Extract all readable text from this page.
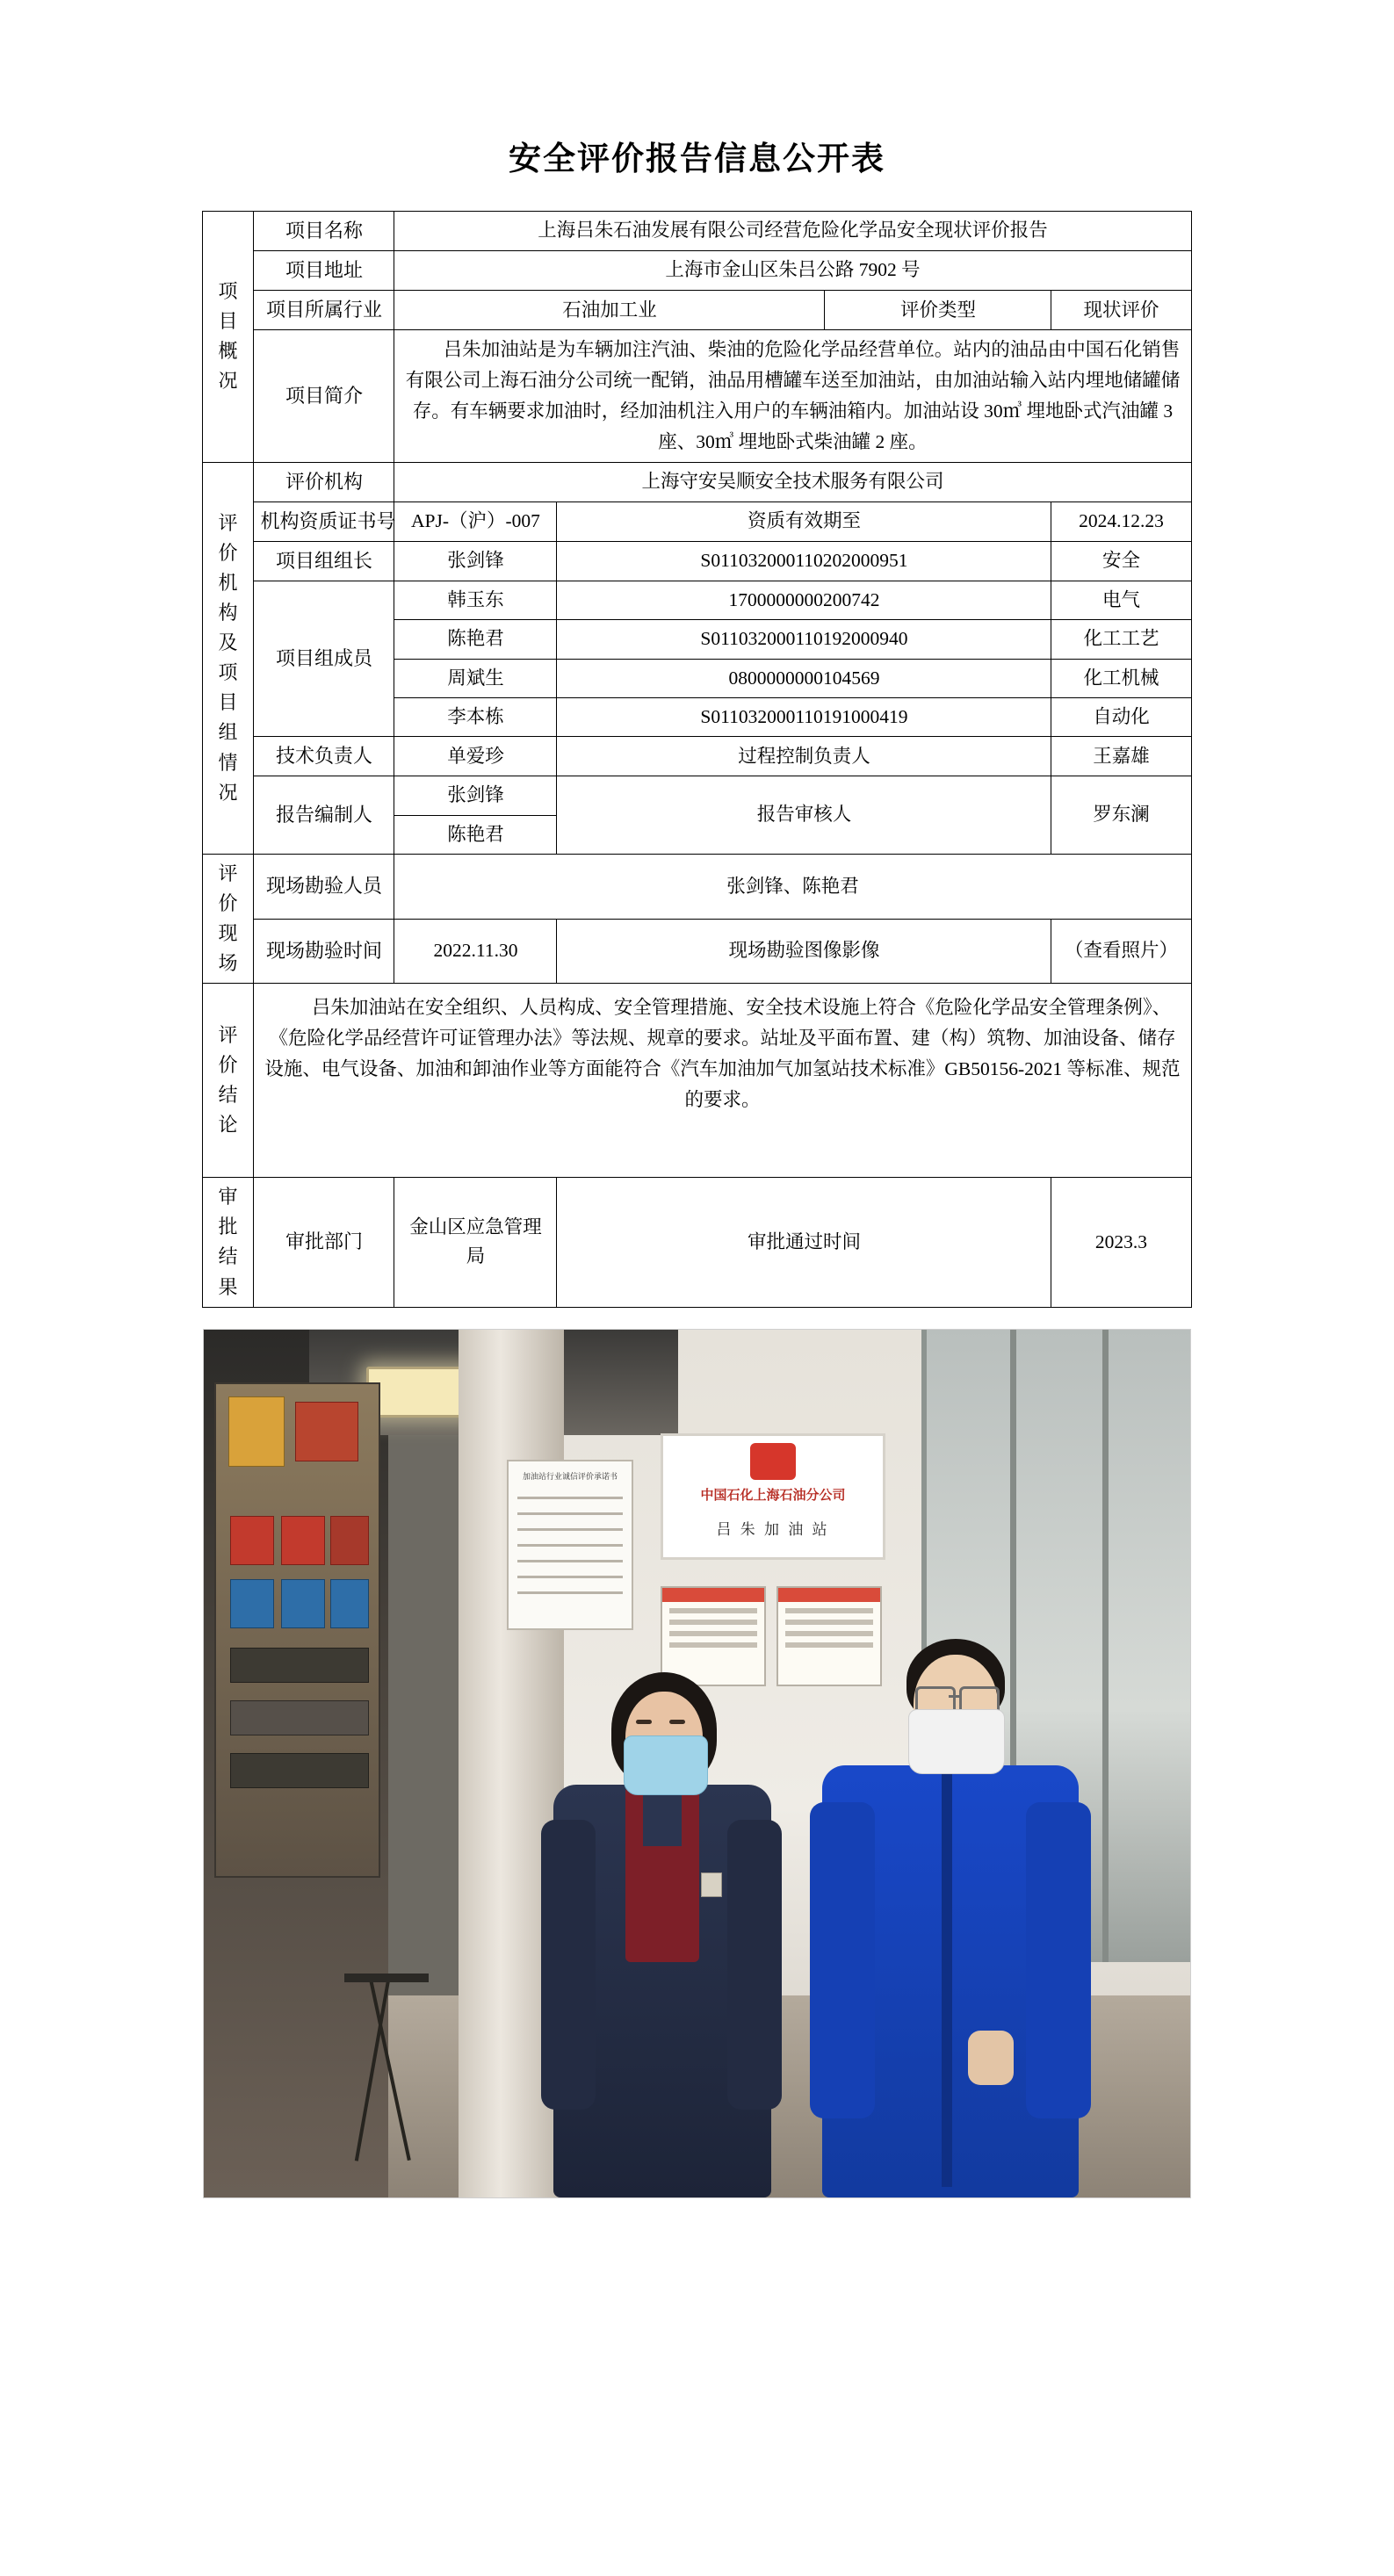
安全评价报告信息公开表
项目概况	项目名称	上海吕朱石油发展有限公司经营危险化学品安全现状评价报告			
	项目地址	上海市金山区朱吕公路 7902 号			
	项目所属行业	石油加工业		评价类型	现状评价
	项目简介	吕朱加油站是为车辆加注汽油、柴油的危险化学品经营单位。站内的油品由中国石化销售有限公司上海石油分公司统一配销，油品用槽罐车送至加油站，由加油站输入站内埋地储罐储存。有车辆要求加油时，经加油机注入用户的车辆油箱内。加油站设 30㎥ 埋地卧式汽油罐 3 座、30㎥ 埋地卧式柴油罐 2 座。			
评价机构及项目组情况	评价机构	上海守安吴顺安全技术服务有限公司			
	机构资质证书号	APJ-（沪）-007	资质有效期至		2024.12.23
	项目组组长	张剑锋	S011032000110202000951		安全
	项目组成员	韩玉东	1700000000200742		电气
		陈艳君	S011032000110192000940		化工工艺
		周斌生	0800000000104569		化工机械
		李本栋	S011032000110191000419		自动化
	技术负责人	单爱珍	过程控制负责人		王嘉雄
	报告编制人	张剑锋	报告审核人		罗东澜
		陈艳君			
评价现场	现场勘验人员	张剑锋、陈艳君			
	现场勘验时间	2022.11.30	现场勘验图像影像		（查看照片）
评价结论	吕朱加油站在安全组织、人员构成、安全管理措施、安全技术设施上符合《危险化学品安全管理条例》、《危险化学品经营许可证管理办法》等法规、规章的要求。站址及平面布置、建（构）筑物、加油设备、储存设施、电气设备、加油和卸油作业等方面能符合《汽车加油加气加氢站技术标准》GB50156-2021 等标准、规范的要求。				
审批结果	审批部门	金山区应急管理局	审批通过时间		2023.3
加油站行业诚信评价承诺书
中国石化上海石油分公司
吕 朱 加 油 站
